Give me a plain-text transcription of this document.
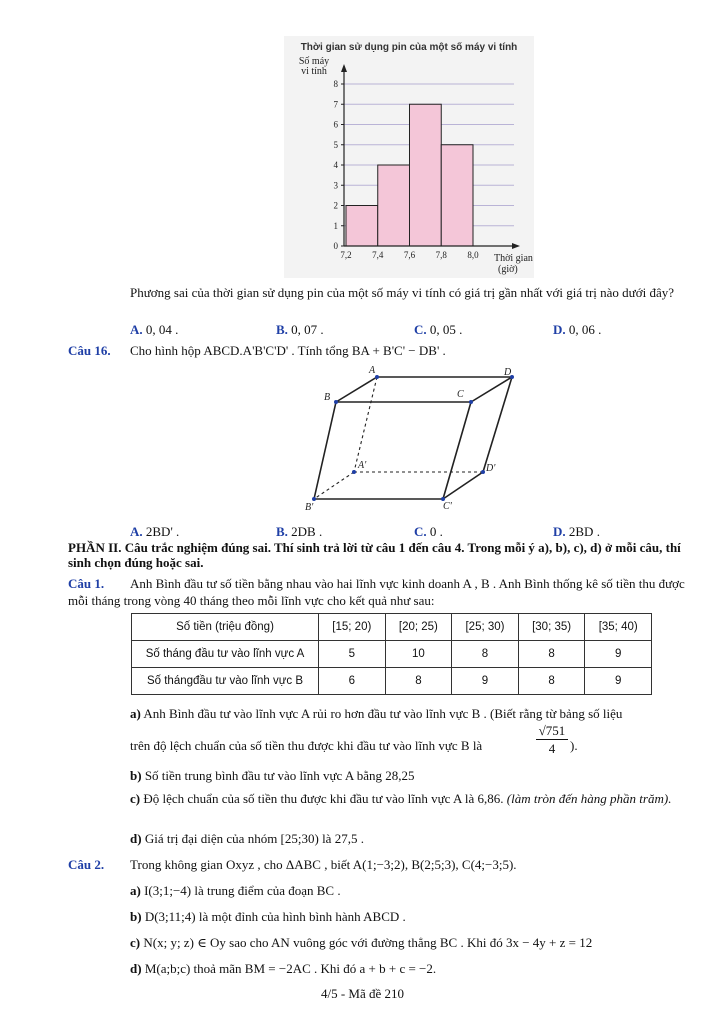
Thời gian sử dụng pin của một số máy vi tính
Số máy vi tính
0
1
2
3
4
5
6
7
8
7,2 7,4 7,6 7,8 8,0 Thời gian (giờ)
Phương sai của thời gian sử dụng pin của một số máy vi tính có giá trị gần nhất với giá trị nào dưới đây?
A. 0, 04 .	B. 0, 07 .	C. 0, 05 .	D. 0, 06 .
Câu 16. Cho hình hộp ABCD.A'B'C'D' . Tính tổng BA + B'C' − DB' .
A
B	C
D
A'
B'	C'
D'
A. 2BD' .	B. 2DB .	C. 0 .	D. 2BD .
PHẦN II. Câu trắc nghiệm đúng sai. Thí sinh trả lời từ câu 1 đến câu 4. Trong mỗi ý a), b), c), d) ở mỗi câu, thí sinh chọn đúng hoặc sai.
Câu 1.	Anh Bình đầu tư số tiền bằng nhau vào hai lĩnh vực kinh doanh A , B . Anh Bình thống kê số tiền thu được mỗi tháng trong vòng 40 tháng theo mỗi lĩnh vực cho kết quả như sau:
Số tiền (triệu đồng)	[15; 20)	[20; 25)	[25; 30)	[30; 35)	[35; 40)
Số tháng đầu tư vào lĩnh vực A	5	10	8	8	9
Số thángđầu tư vào lĩnh vực B	6	8	9	8	9
a) Anh Bình đầu tư vào lĩnh vực A rủi ro hơn đầu tư vào lĩnh vực B . (Biết rằng từ bảng số liệu
trên độ lệch chuẩn của số tiền thu được khi đầu tư vào lĩnh vực B là	$\frac{√751}{4}$ ).
b) Số tiền trung bình đầu tư vào lĩnh vực A bằng 28,25
c) Độ lệch chuẩn của số tiền thu được khi đầu tư vào lĩnh vực A là 6,86. (làm tròn đến hàng phần trăm).
d) Giá trị đại diện của nhóm [25;30) là 27,5 .
Câu 2. Trong không gian Oxyz , cho ΔABC , biết A(1;−3;2), B(2;5;3), C(4;−3;5).
a) I(3;1;−4) là trung điểm của đoạn BC .
b) D(3;11;4) là một đỉnh của hình bình hành ABCD .
c) N(x; y; z) ∈ Oy sao cho AN vuông góc với đường thẳng BC . Khi đó 3x − 4y + z = 12
d) M(a;b;c) thoả mãn BM = −2AC . Khi đó a + b + c = −2.
4/5 - Mã đề 210
